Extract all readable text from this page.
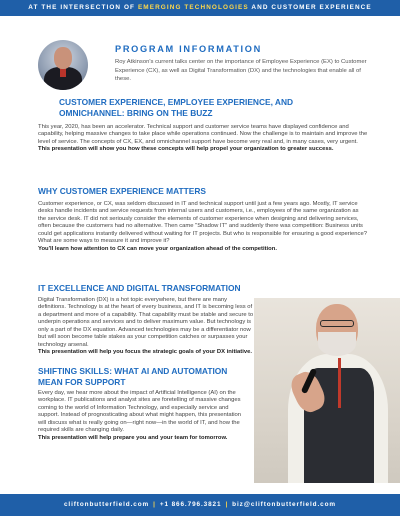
AT THE INTERSECTION OF EMERGING TECHNOLOGIES AND CUSTOMER EXPERIENCE
PROGRAM INFORMATION
Roy Atkinson's current talks center on the importance of Employee Experience (EX) to Customer Experience (CX), as well as Digital Transformation (DX) and the technologies that enable all of these.
CUSTOMER EXPERIENCE, EMPLOYEE EXPERIENCE, AND OMNICHANNEL: BRING ON THE BUZZ
This year, 2020, has been an accelerator. Technical support and customer service teams have displayed confidence and capability, helping massive changes to take place while operations continued. Now the challenge is to maintain and improve the level of service. The concepts of CX, EX, and omnichannel support have become very real and, in many cases, very urgent.
This presentation will show you how these concepts will help propel your organization to greater success.
WHY CUSTOMER EXPERIENCE MATTERS
Customer experience, or CX, was seldom discussed in IT and technical support until just a few years ago. Mostly, IT service desks handle incidents and service requests from internal users and customers, i.e., employees of the same organization as the service desk. IT did not seriously consider the elements of customer experience when designing and delivering services, often because the customers had no alternative. Then came "Shadow IT" and suddenly there was competition: Business units could get applications instantly delivered without waiting for IT projects. But who is responsible for ensuring a good experience? What are some ways to measure it and improve it?
You'll learn how attention to CX can move your organization ahead of the competition.
IT EXCELLENCE AND DIGITAL TRANSFORMATION
Digital Transformation (DX) is a hot topic everywhere, but there are many definitions. Technology is at the heart of every business, and IT is becoming less of a department and more of a capability. That capability must be stable and secure to underpin operations and services and to deliver maximum value. But technology is only a part of the DX equation. Advanced technologies may be a differentiator now but will soon become table stakes as your competition catches or surpasses your technology arsenal.
This presentation will help you focus the strategic goals of your DX initiative.
SHIFTING SKILLS: WHAT AI AND AUTOMATION MEAN FOR SUPPORT
Every day, we hear more about the impact of Artificial Intelligence (AI) on the workplace. IT publications and analyst sites are foretelling of massive changes coming to the world of Information Technology, and especially service and support. Instead of prognosticating about what might happen, this presentation will discuss what is really going on—right now—in the world of IT, and how the required skills are changing daily.
This presentation will help prepare you and your team for tomorrow.
cliftonbutterfield.com | +1 866.796.3821 | biz@cliftonbutterfield.com
